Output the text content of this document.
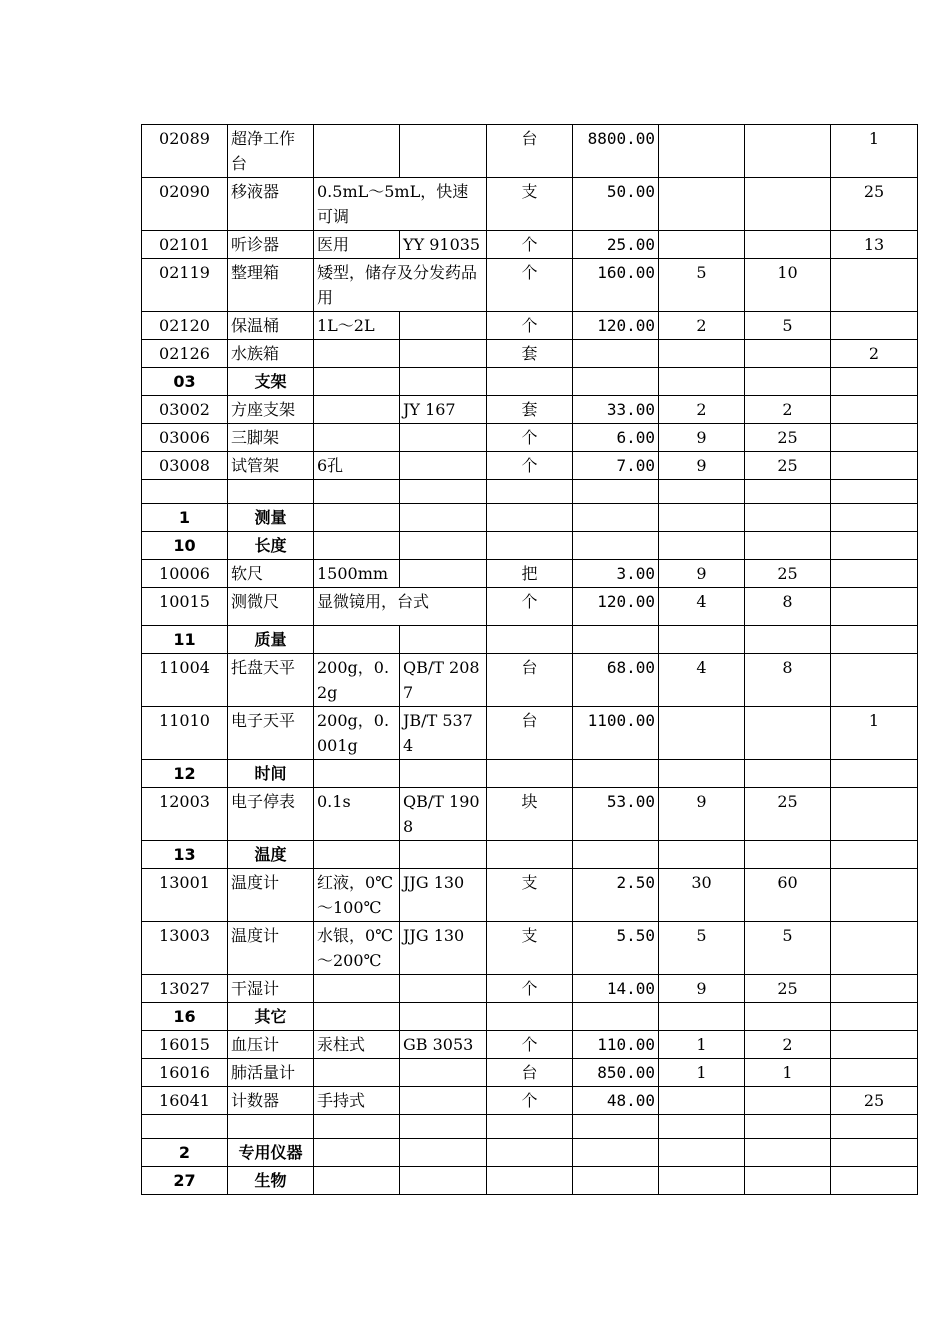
02089	超净工作台			台	8800.00			1
02090	移液器	0.5mL～5mL，快速可调		支	50.00			25
02101	听诊器	医用	YY 91035	个	25.00			13
02119	整理箱	矮型，储存及分发药品用		个	160.00	5	10	
02120	保温桶	1L～2L		个	120.00	2	5	
02126	水族箱			套				2
03	支架							
03002	方座支架		JY 167	套	33.00	2	2	
03006	三脚架			个	6.00	9	25	
03008	试管架	6孔		个	7.00	9	25	

1	测量							
10	长度							
10006	软尺	1500mm		把	3.00	9	25	
10015	测微尺	显微镜用，台式		个	120.00	4	8	
11	质量							
11004	托盘天平	200g，0.2g	QB/T 2087	台	68.00	4	8	
11010	电子天平	200g，0.001g	JB/T 5374	台	1100.00			1
12	时间							
12003	电子停表	0.1s	QB/T 1908	块	53.00	9	25	
13	温度							
13001	温度计	红液，0℃～100℃	JJG 130	支	2.50	30	60	
13003	温度计	水银，0℃～200℃	JJG 130	支	5.50	5	5	
13027	干湿计			个	14.00	9	25	
16	其它							
16015	血压计	汞柱式	GB 3053	个	110.00	1	2	
16016	肺活量计			台	850.00	1	1	
16041	计数器	手持式		个	48.00			25

2	专用仪器							
27	生物							
